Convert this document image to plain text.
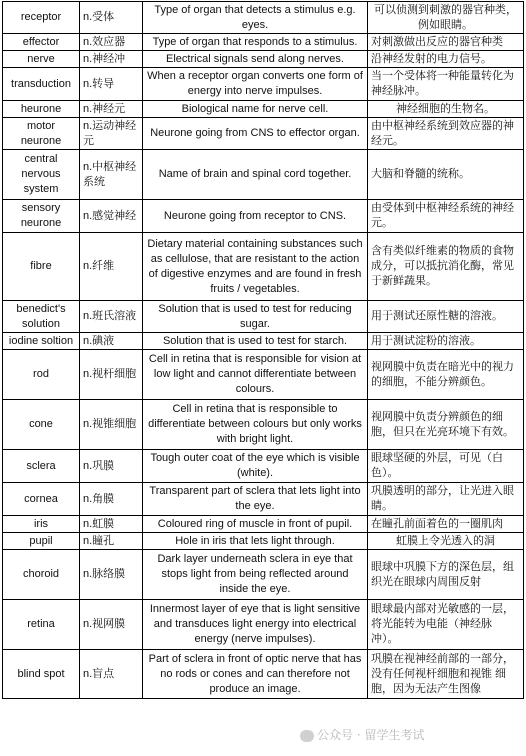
receptor	n.受体	Type of organ that detects a stimulus e.g. eyes.	可以侦测到刺激的器官种类，例如眼睛。
effector	n.效应器	Type of organ that responds to a stimulus.	对刺激做出反应的器官种类
nerve	n.神经冲	Electrical signals send along nerves.	沿神经发射的电力信号。
transduction	n.转导	When a receptor organ converts one form of energy into nerve impulses.	当一个受体将一种能量转化为神经脉冲。
heurone	n.神经元	Biological name for nerve cell.	神经细胞的生物名。
motor neurone	n.运动神经元	Neurone going from CNS to effector organ.	由中枢神经系统到效应器的神经元。
central nervous system	n.中枢神经系统	Name of brain and spinal cord together.	大脑和脊髓的统称。
sensory neurone	n.感觉神经	Neurone going from receptor to CNS.	由受体到中枢神经系统的神经元。
fibre	n.纤维	Dietary material containing substances such as cellulose, that are resistant to the action of digestive enzymes and are found in fresh fruits / vegetables.	含有类似纤维素的物质的食物成分，可以抵抗消化酶，常见于新鲜蔬果。
benedict's solution	n.班氏溶液	Solution that is used to test for reducing sugar.	用于测试还原性糖的溶液。
iodine soltion	n.碘液	Solution that is used to test for starch.	用于测试淀粉的溶液。
rod	n.视杆细胞	Cell in retina that is responsible for vision at low light and cannot differentiate between colours.	视网膜中负责在暗光中的视力的细胞，不能分辨颜色。
cone	n.视锥细胞	Cell in retina that is responsible to differentiate between colours but only works with bright light.	视网膜中负责分辨颜色的细胞，但只在光亮环境下有效。
sclera	n.巩膜	Tough outer coat of the eye which is visible (white).	眼球坚硬的外层，可见（白色）。
cornea	n.角膜	Transparent part of sclera that lets light into the eye.	巩膜透明的部分，让光进入眼睛。
iris	n.虹膜	Coloured ring of muscle in front of pupil.	在瞳孔前面着色的一圈肌肉
pupil	n.瞳孔	Hole in iris that lets light through.	虹膜上令光透入的洞
choroid	n.脉络膜	Dark layer underneath sclera in eye that stops light from being reflected around inside the eye.	眼球中巩膜下方的深色层，组织光在眼球内周围反射
retina	n.视网膜	Innermost layer of eye that is light sensitive and transduces light energy into electrical energy (nerve impulses).	眼球最内部对光敏感的一层，将光能转为电能（神经脉 冲）。
blind spot	n.盲点	Part of sclera in front of optic nerve that has no rods or cones and can therefore not produce an image.	巩膜在视神经前部的一部分，没有任何视杆细胞和视锥 细胞，因为无法产生图像
公众号 · 留学生考试
